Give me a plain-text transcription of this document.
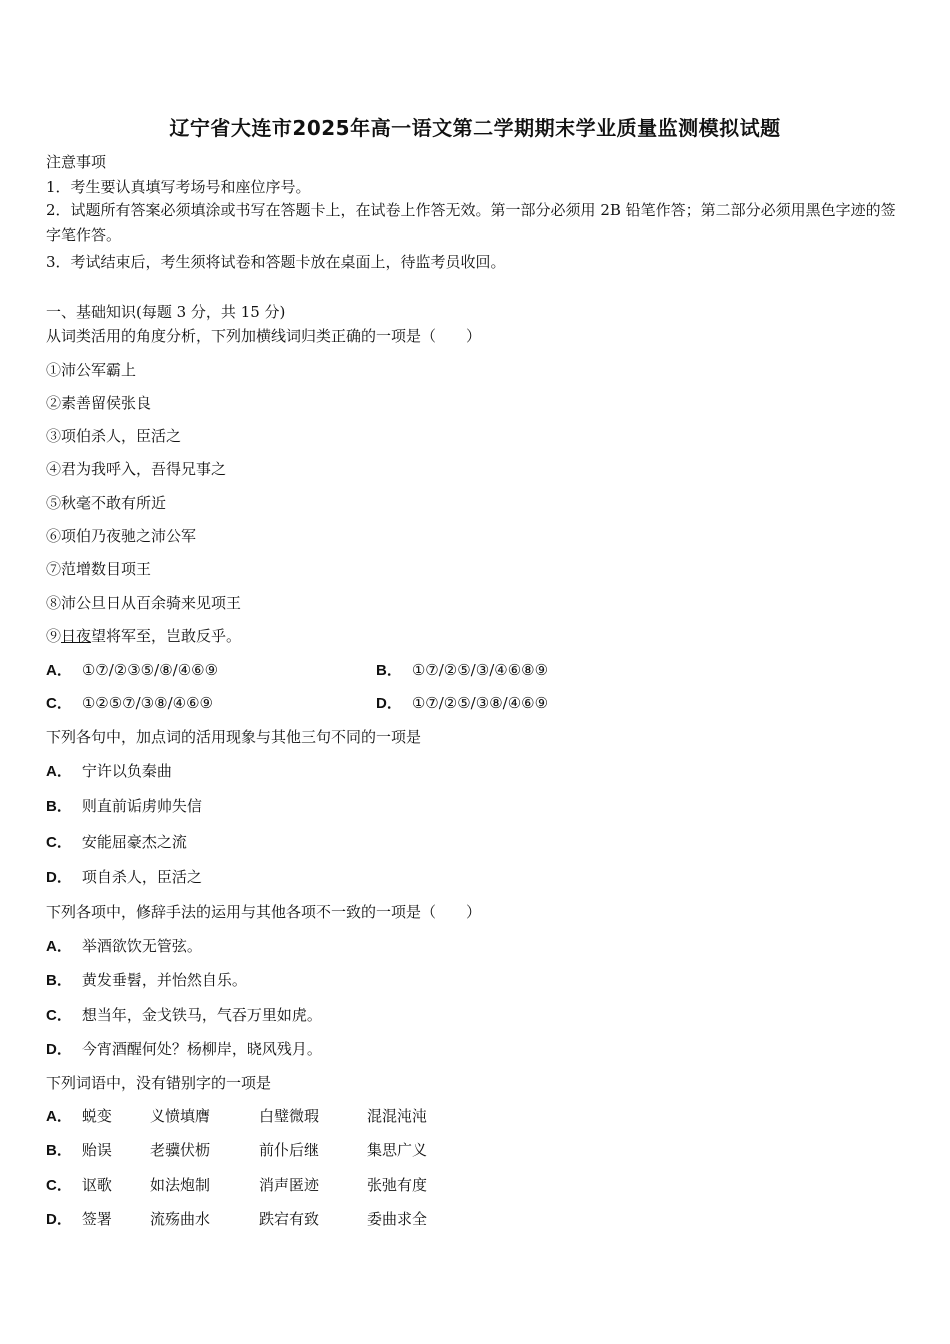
辽宁省大连市2025年高一语文第二学期期末学业质量监测模拟试题
注意事项
1．考生要认真填写考场号和座位序号。
2．试题所有答案必须填涂或书写在答题卡上，在试卷上作答无效。第一部分必须用 2B 铅笔作答；第二部分必须用黑色字迹的签字笔作答。
3．考试结束后，考生须将试卷和答题卡放在桌面上，待监考员收回。
一、基础知识(每题 3 分，共 15 分)
从词类活用的角度分析，下列加横线词归类正确的一项是（　　）
①沛公军霸上
②素善留侯张良
③项伯杀人，臣活之
④君为我呼入，吾得兄事之
⑤秋毫不敢有所近
⑥项伯乃夜驰之沛公军
⑦范增数目项王
⑧沛公旦日从百余骑来见项王
⑨日夜望将军至，岂敢反乎。
A． ①⑦/②③⑤/⑧/④⑥⑨	B． ①⑦/②⑤/③/④⑥⑧⑨
C． ①②⑤⑦/③⑧/④⑥⑨	D． ①⑦/②⑤/③⑧/④⑥⑨
下列各句中，加点词的活用现象与其他三句不同的一项是
A． 宁许以负秦曲
B． 则直前诟虏帅失信
C． 安能屈豪杰之流
D． 项自杀人，臣活之
下列各项中，修辞手法的运用与其他各项不一致的一项是（　　）
A． 举酒欲饮无管弦。
B． 黄发垂髫，并怡然自乐。
C． 想当年，金戈铁马，气吞万里如虎。
D． 今宵酒醒何处？杨柳岸，晓风残月。
下列词语中，没有错别字的一项是
A． 蜕变	义愤填膺	白璧微瑕	混混沌沌
B． 贻误	老骥伏枥	前仆后继	集思广义
C． 讴歌	如法炮制	消声匿迹	张弛有度
D． 签署	流殇曲水	跌宕有致	委曲求全
